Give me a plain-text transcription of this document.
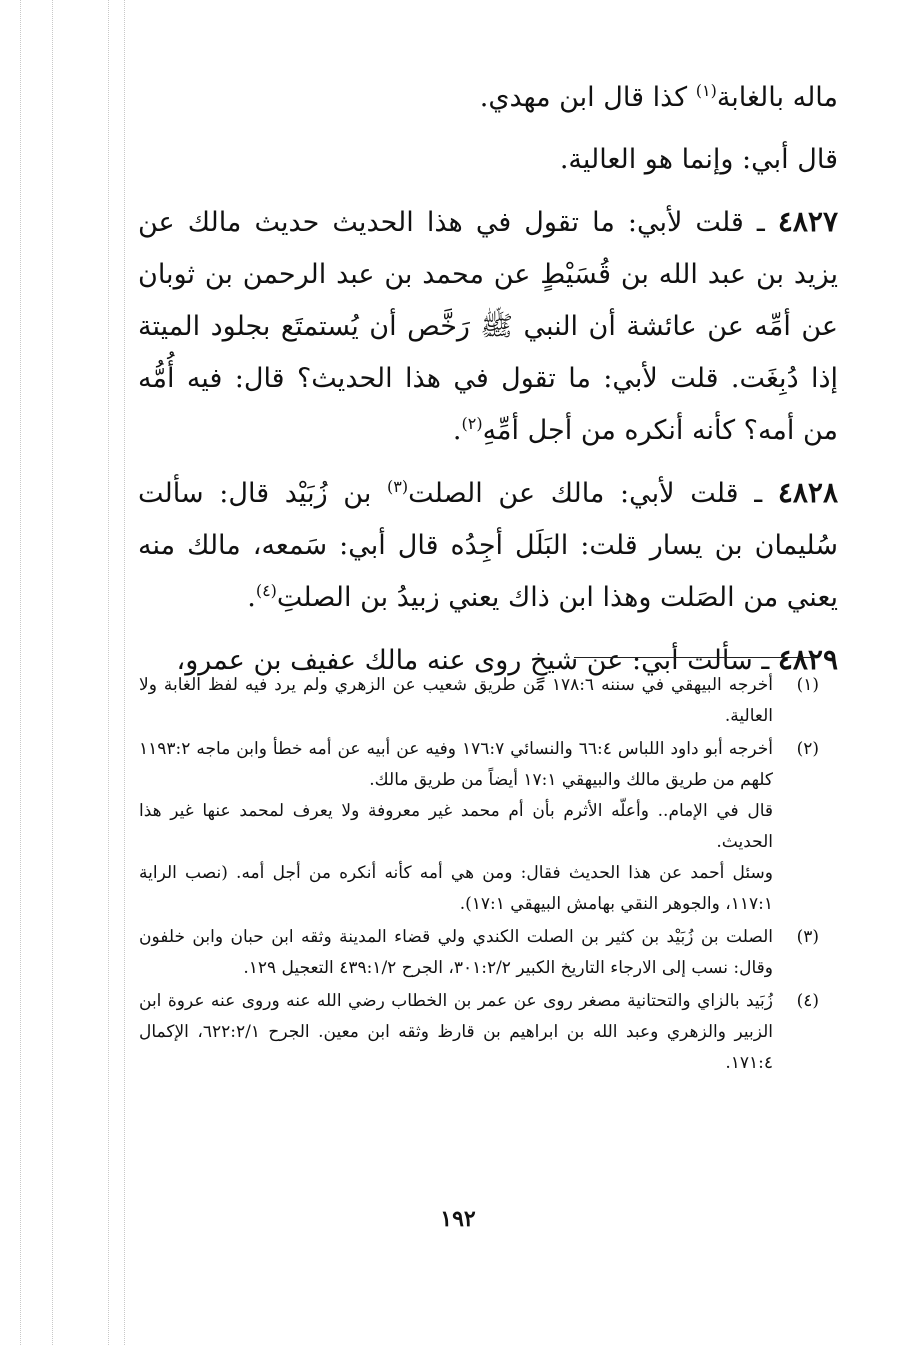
ماله بالغابة$^{(١)}$ كذا قال ابن مهدي.

قال أبي: وإنما هو العالية.

٤٨٢٧ ـ قلت لأبي: ما تقول في هذا الحديث حديث مالك عن يزيد بن عبد الله بن قُسَيْطٍ عن محمد بن عبد الرحمن بن ثوبان عن أمِّه عن عائشة أن النبي ﷺ رَخَّص أن يُستمتَع بجلود الميتة إذا دُبِغَت. قلت لأبي: ما تقول في هذا الحديث؟ قال: فيه أُمُّه من أمه؟ كأنه أنكره من أجل أمِّهِ$^{(٢)}$.

٤٨٢٨ ـ قلت لأبي: مالك عن الصلت$^{(٣)}$ بن زُبَيْد قال: سألت سُليمان بن يسار قلت: البَلَل أجِدُه قال أبي: سَمعه، مالك منه يعني من الصَلت وهذا ابن ذاك يعني زبيدُ بن الصلتِ$^{(٤)}$.

٤٨٢٩ ـ سألت أبي: عن شيخٍ روى عنه مالك عفيف بن عمرو،

(١)
أخرجه البيهقي في سننه ١٧٨:٦ من طريق شعيب عن الزهري ولم يرد فيه لفظ الغابة ولا العالية.
(٢)
أخرجه أبو داود اللباس ٦٦:٤ والنسائي ١٧٦:٧ وفيه عن أبيه عن أمه خطأ وابن ماجه ١١٩٣:٢ كلهم من طريق مالك والبيهقي ١٧:١ أيضاً من طريق مالك.
قال في الإمام.. وأعلّه الأثرم بأن أم محمد غير معروفة ولا يعرف لمحمد عنها غير هذا الحديث.
وسئل أحمد عن هذا الحديث فقال: ومن هي أمه كأنه أنكره من أجل أمه. (نصب الراية ١١٧:١، والجوهر النقي بهامش البيهقي ١٧:١).
(٣)
الصلت بن زُبَيْد بن كثير بن الصلت الكندي ولي قضاء المدينة وثقه ابن حبان وابن خلفون وقال: نسب إلى الارجاء التاريخ الكبير ٣٠١:٢/٢، الجرح ٤٣٩:١/٢ التعجيل ١٢٩.
(٤)
زُبَيد بالزاي والتحتانية مصغر روى عن عمر بن الخطاب رضي الله عنه وروى عنه عروة ابن الزبير والزهري وعبد الله بن ابراهيم بن قارظ وثقه ابن معين. الجرح ٦٢٢:٢/١، الإكمال ١٧١:٤.
١٩٢
